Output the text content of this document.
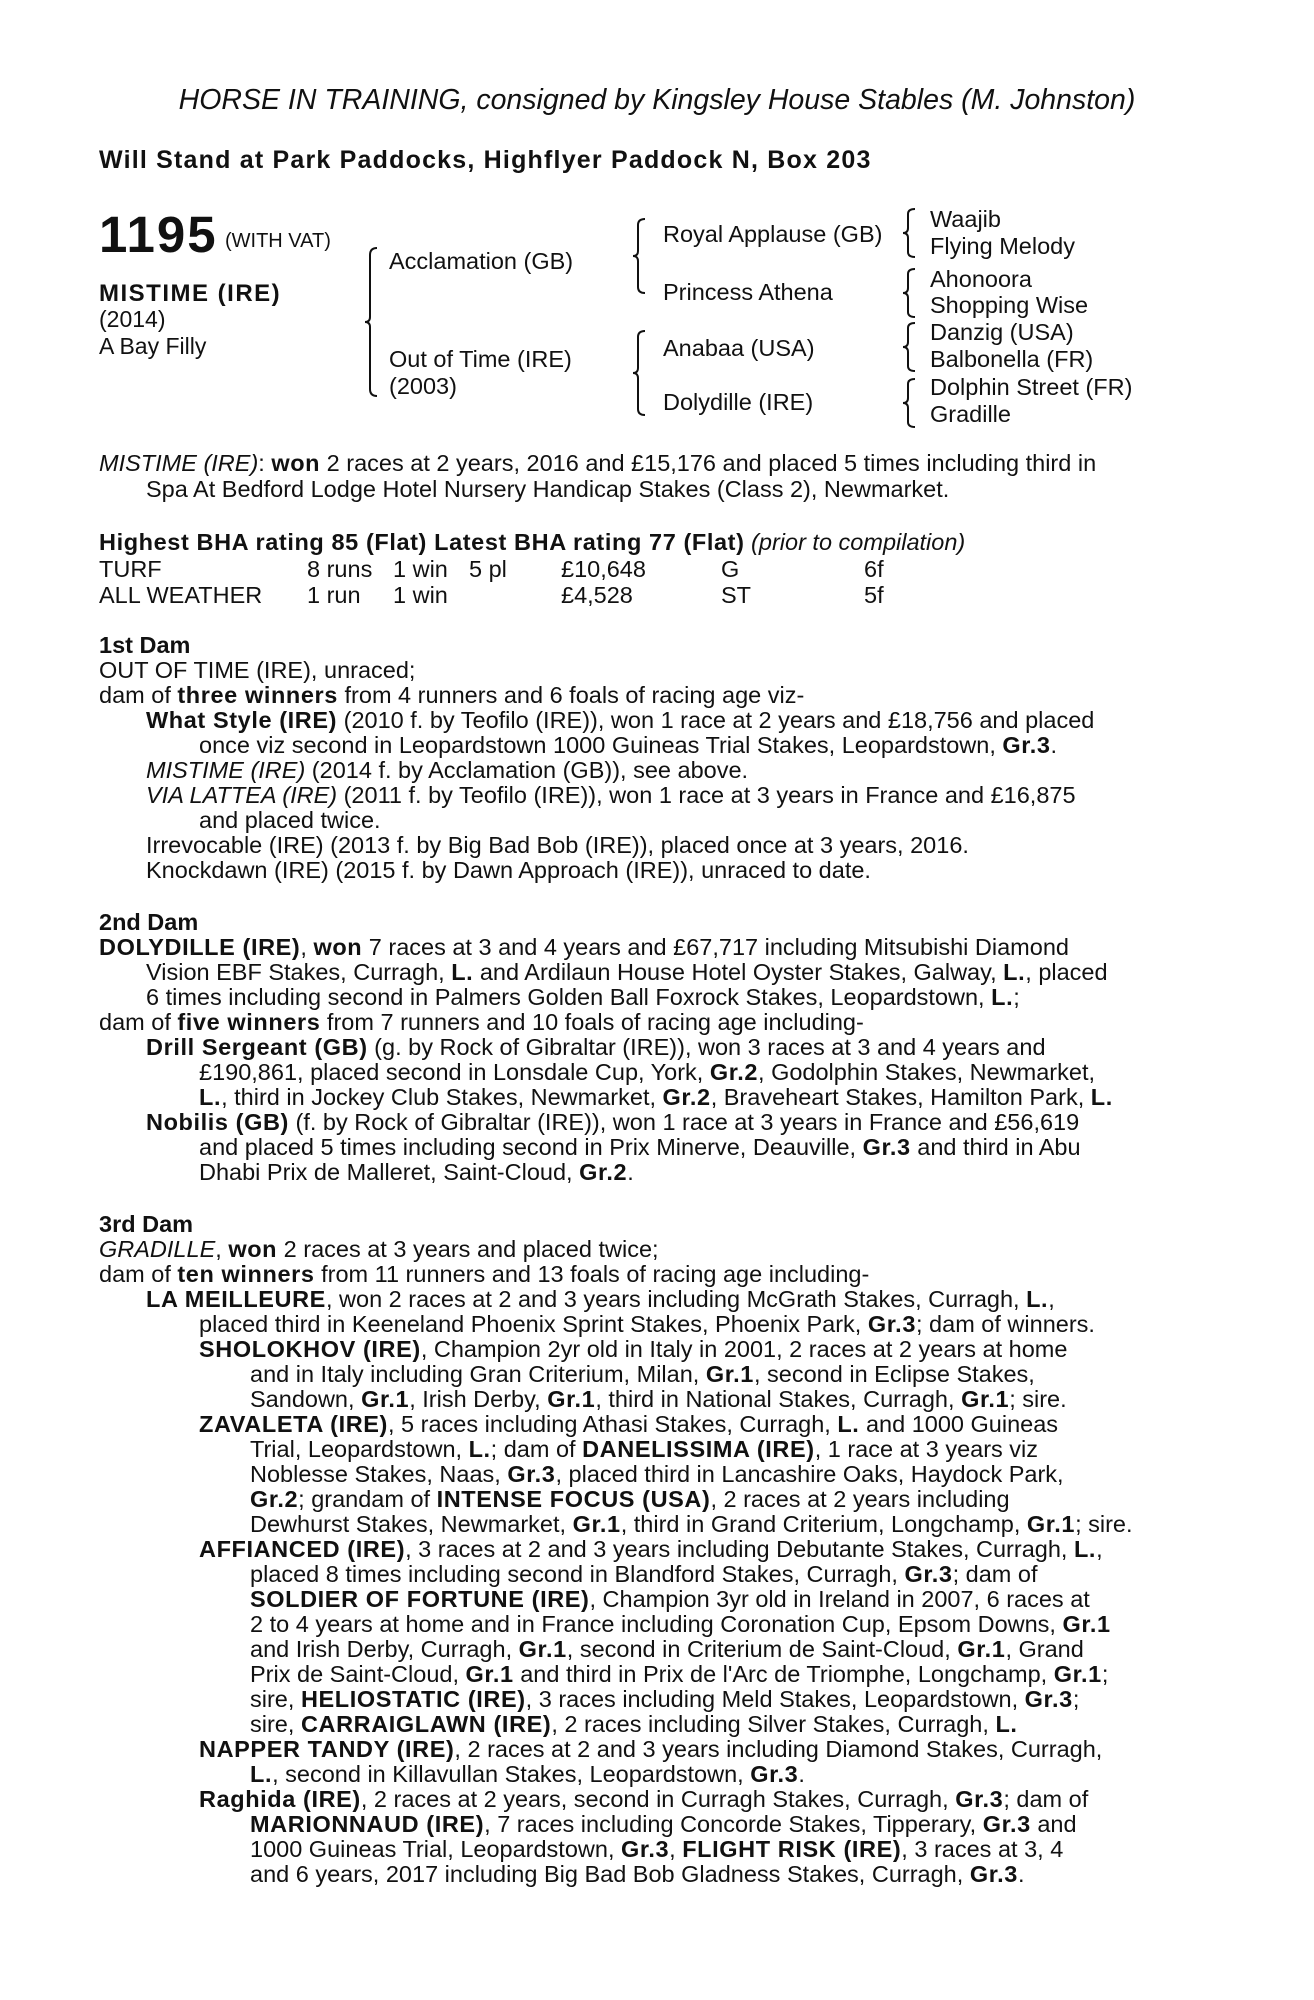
HORSE IN TRAINING, consigned by Kingsley House Stables (M. Johnston)
Will Stand at Park Paddocks, Highflyer Paddock N, Box 203
1195 (WITH VAT)
MISTIME (IRE)
(2014)
A Bay Filly
Acclamation (GB)
Out of Time (IRE)
(2003)
Royal Applause (GB)
Princess Athena
Anabaa (USA)
Dolydille (IRE)
Waajib
Flying Melody
Ahonoora
Shopping Wise
Danzig (USA)
Balbonella (FR)
Dolphin Street (FR)
Gradille
MISTIME (IRE): won 2 races at 2 years, 2016 and £15,176 and placed 5 times including third in
Spa At Bedford Lodge Hotel Nursery Handicap Stakes (Class 2), Newmarket.
Highest BHA rating 85 (Flat) Latest BHA rating 77 (Flat) (prior to compilation)
TURF	8 runs 1 win 5 pl £10,648	G	6f
ALL WEATHER 1 run 1 win	£4,528	ST	5f
1st Dam
OUT OF TIME (IRE), unraced;
dam of three winners from 4 runners and 6 foals of racing age viz-
What Style (IRE) (2010 f. by Teofilo (IRE)), won 1 race at 2 years and £18,756 and placed
once viz second in Leopardstown 1000 Guineas Trial Stakes, Leopardstown, Gr.3.
MISTIME (IRE) (2014 f. by Acclamation (GB)), see above.
VIA LATTEA (IRE) (2011 f. by Teofilo (IRE)), won 1 race at 3 years in France and £16,875
and placed twice.
Irrevocable (IRE) (2013 f. by Big Bad Bob (IRE)), placed once at 3 years, 2016.
Knockdawn (IRE) (2015 f. by Dawn Approach (IRE)), unraced to date.
2nd Dam
DOLYDILLE (IRE), won 7 races at 3 and 4 years and £67,717 including Mitsubishi Diamond
Vision EBF Stakes, Curragh, L. and Ardilaun House Hotel Oyster Stakes, Galway, L., placed
6 times including second in Palmers Golden Ball Foxrock Stakes, Leopardstown, L.;
dam of five winners from 7 runners and 10 foals of racing age including-
Drill Sergeant (GB) (g. by Rock of Gibraltar (IRE)), won 3 races at 3 and 4 years and
£190,861, placed second in Lonsdale Cup, York, Gr.2, Godolphin Stakes, Newmarket,
L., third in Jockey Club Stakes, Newmarket, Gr.2, Braveheart Stakes, Hamilton Park, L.
Nobilis (GB) (f. by Rock of Gibraltar (IRE)), won 1 race at 3 years in France and £56,619
and placed 5 times including second in Prix Minerve, Deauville, Gr.3 and third in Abu
Dhabi Prix de Malleret, Saint-Cloud, Gr.2.
3rd Dam
GRADILLE, won 2 races at 3 years and placed twice;
dam of ten winners from 11 runners and 13 foals of racing age including-
LA MEILLEURE, won 2 races at 2 and 3 years including McGrath Stakes, Curragh, L.,
placed third in Keeneland Phoenix Sprint Stakes, Phoenix Park, Gr.3; dam of winners.
SHOLOKHOV (IRE), Champion 2yr old in Italy in 2001, 2 races at 2 years at home
and in Italy including Gran Criterium, Milan, Gr.1, second in Eclipse Stakes,
Sandown, Gr.1, Irish Derby, Gr.1, third in National Stakes, Curragh, Gr.1; sire.
ZAVALETA (IRE), 5 races including Athasi Stakes, Curragh, L. and 1000 Guineas
Trial, Leopardstown, L.; dam of DANELISSIMA (IRE), 1 race at 3 years viz
Noblesse Stakes, Naas, Gr.3, placed third in Lancashire Oaks, Haydock Park,
Gr.2; grandam of INTENSE FOCUS (USA), 2 races at 2 years including
Dewhurst Stakes, Newmarket, Gr.1, third in Grand Criterium, Longchamp, Gr.1; sire.
AFFIANCED (IRE), 3 races at 2 and 3 years including Debutante Stakes, Curragh, L.,
placed 8 times including second in Blandford Stakes, Curragh, Gr.3; dam of
SOLDIER OF FORTUNE (IRE), Champion 3yr old in Ireland in 2007, 6 races at
2 to 4 years at home and in France including Coronation Cup, Epsom Downs, Gr.1
and Irish Derby, Curragh, Gr.1, second in Criterium de Saint-Cloud, Gr.1, Grand
Prix de Saint-Cloud, Gr.1 and third in Prix de l'Arc de Triomphe, Longchamp, Gr.1;
sire, HELIOSTATIC (IRE), 3 races including Meld Stakes, Leopardstown, Gr.3;
sire, CARRAIGLAWN (IRE), 2 races including Silver Stakes, Curragh, L.
NAPPER TANDY (IRE), 2 races at 2 and 3 years including Diamond Stakes, Curragh,
L., second in Killavullan Stakes, Leopardstown, Gr.3.
Raghida (IRE), 2 races at 2 years, second in Curragh Stakes, Curragh, Gr.3; dam of
MARIONNAUD (IRE), 7 races including Concorde Stakes, Tipperary, Gr.3 and
1000 Guineas Trial, Leopardstown, Gr.3, FLIGHT RISK (IRE), 3 races at 3, 4
and 6 years, 2017 including Big Bad Bob Gladness Stakes, Curragh, Gr.3.
